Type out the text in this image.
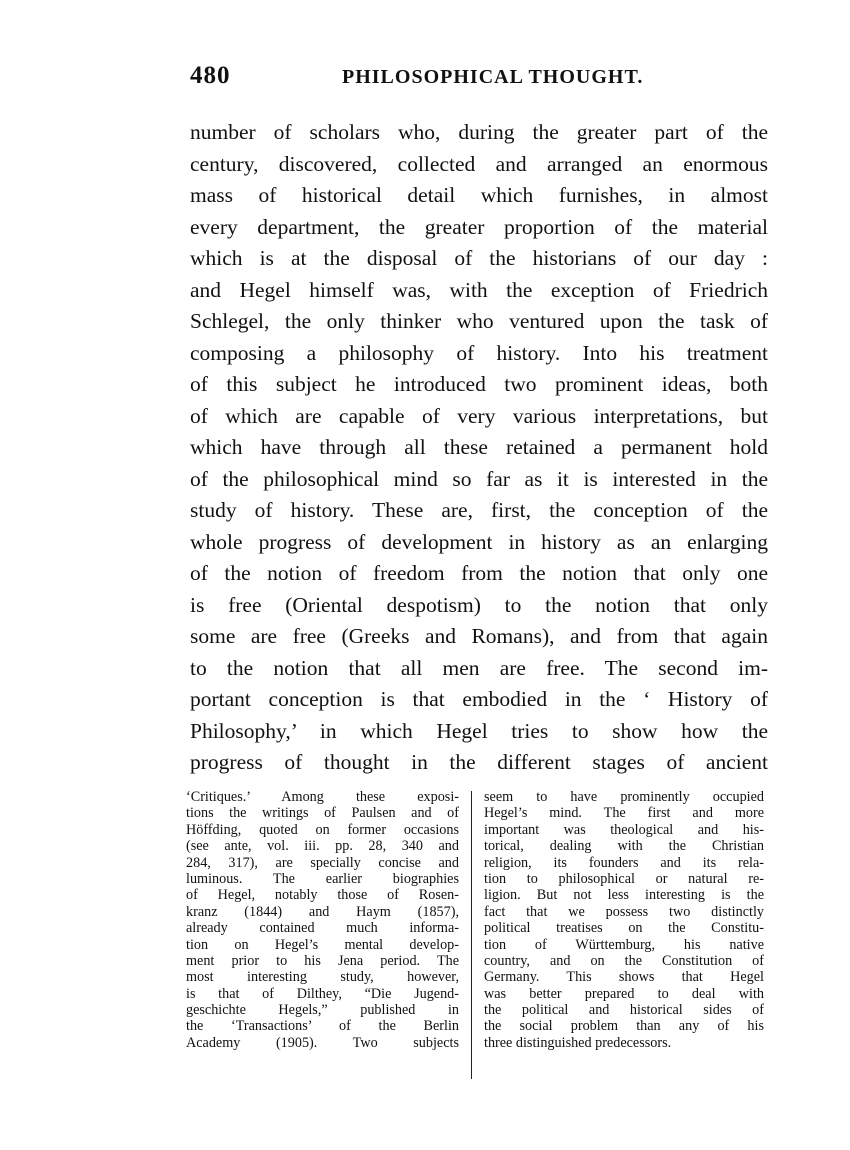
480	PHILOSOPHICAL THOUGHT.
number of scholars who, during the greater part of the
century, discovered, collected and arranged an enormous
mass of historical detail which furnishes, in almost
every department, the greater proportion of the material
which is at the disposal of the historians of our day :
and Hegel himself was, with the exception of Friedrich
Schlegel, the only thinker who ventured upon the task of
composing a philosophy of history. Into his treatment
of this subject he introduced two prominent ideas, both
of which are capable of very various interpretations, but
which have through all these retained a permanent hold
of the philosophical mind so far as it is interested in the
study of history. These are, first, the conception of the
whole progress of development in history as an enlarging
of the notion of freedom from the notion that only one
is free (Oriental despotism) to the notion that only
some are free (Greeks and Romans), and from that again
to the notion that all men are free. The second im-
portant conception is that embodied in the ‘ History of
Philosophy,’ in which Hegel tries to show how the
progress of thought in the different stages of ancient
‘Critiques.’ Among these exposi-
tions the writings of Paulsen and of
Höffding, quoted on former occasions
(see ante, vol. iii. pp. 28, 340 and
284, 317), are specially concise and
luminous. The earlier biographies
of Hegel, notably those of Rosen-
kranz (1844) and Haym (1857),
already contained much informa-
tion on Hegel’s mental develop-
ment prior to his Jena period. The
most interesting study, however,
is that of Dilthey, “Die Jugend-
geschichte Hegels,” published in
the ‘Transactions’ of the Berlin
Academy (1905). Two subjects
seem to have prominently occupied
Hegel’s mind. The first and more
important was theological and his-
torical, dealing with the Christian
religion, its founders and its rela-
tion to philosophical or natural re-
ligion. But not less interesting is the
fact that we possess two distinctly
political treatises on the Constitu-
tion of Württemburg, his native
country, and on the Constitution of
Germany. This shows that Hegel
was better prepared to deal with
the political and historical sides of
the social problem than any of his
three distinguished predecessors.
